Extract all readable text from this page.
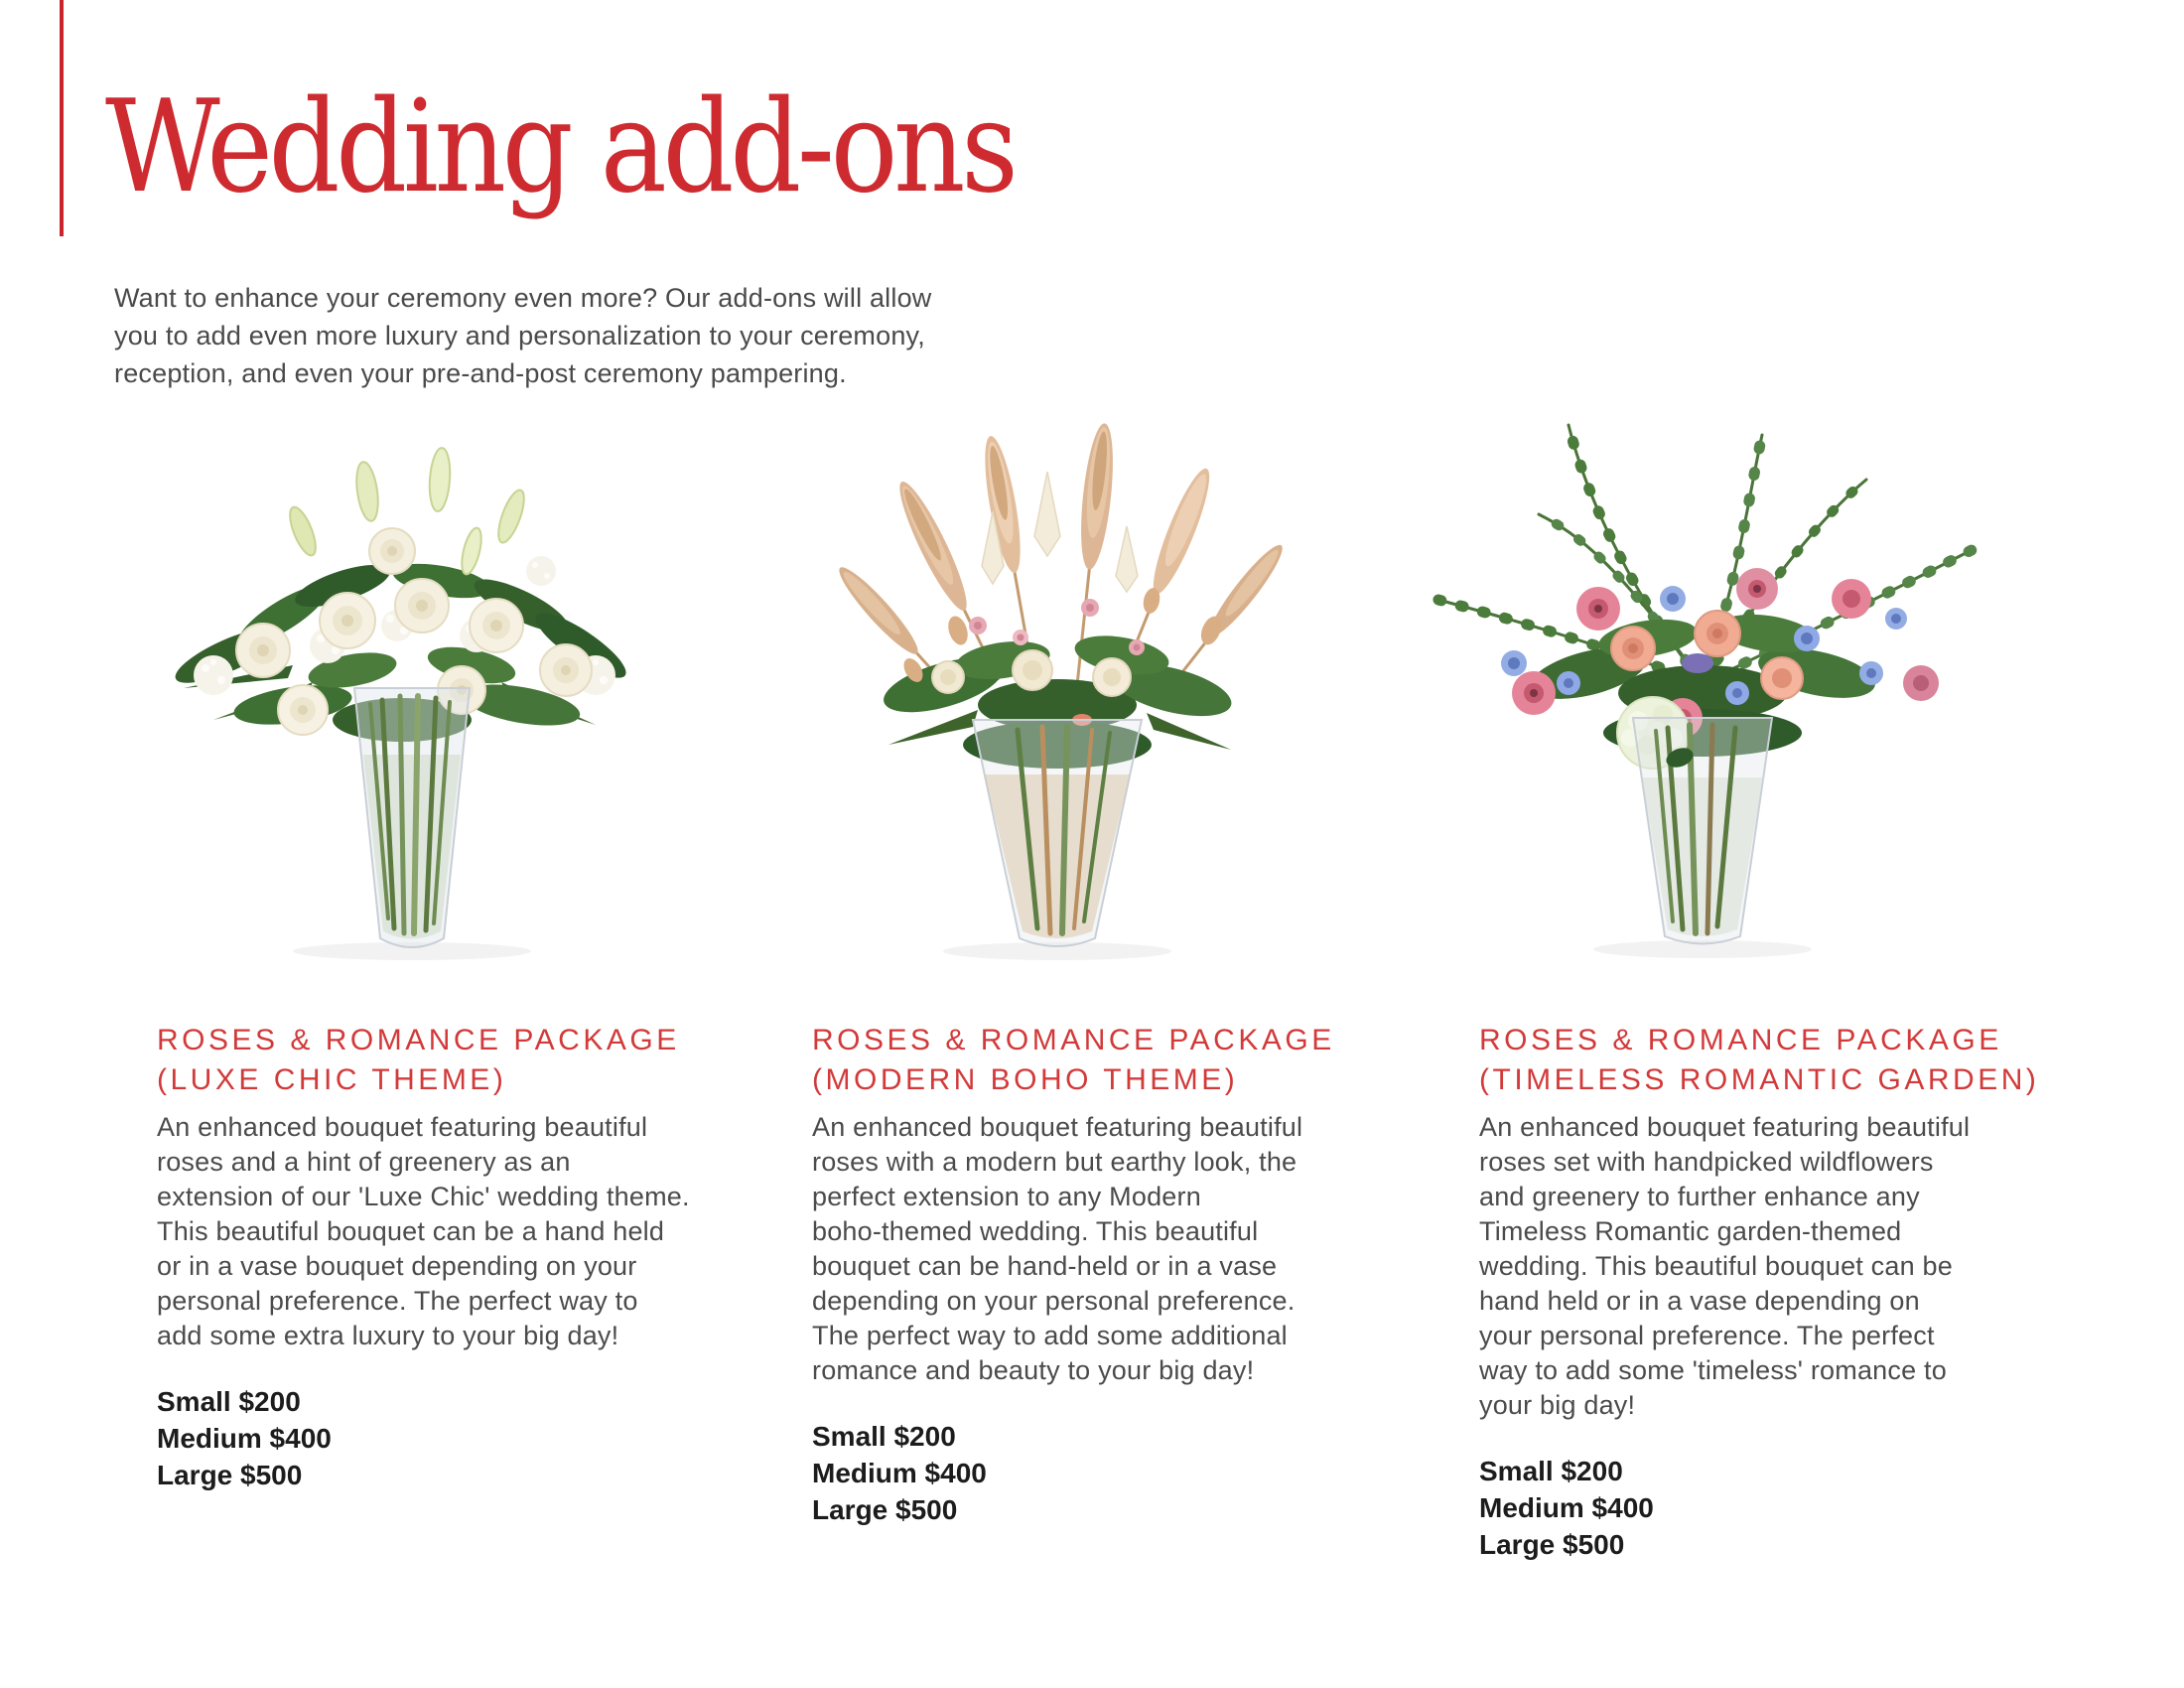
Wedding add-ons
Want to enhance your ceremony even more? Our add-ons will allow
you to add even more luxury and personalization to your ceremony,
reception, and even your pre-and-post ceremony pampering.
ROSES & ROMANCE PACKAGE
(LUXE CHIC THEME)
An enhanced bouquet featuring beautiful
roses and a hint of greenery as an
extension of our 'Luxe Chic' wedding theme.
This beautiful bouquet can be a hand held
or in a vase bouquet depending on your
personal preference. The perfect way to
add some extra luxury to your big day!
Small $200
Medium $400
Large $500
ROSES & ROMANCE PACKAGE
(MODERN BOHO THEME)
An enhanced bouquet featuring beautiful
roses with a modern but earthy look, the
perfect extension to any Modern
boho-themed wedding. This beautiful
bouquet can be hand-held or in a vase
depending on your personal preference.
The perfect way to add some additional
romance and beauty to your big day!
Small $200
Medium $400
Large $500
ROSES & ROMANCE PACKAGE
(TIMELESS ROMANTIC GARDEN)
An enhanced bouquet featuring beautiful
roses set with handpicked wildflowers
and greenery to further enhance any
Timeless Romantic garden-themed
wedding. This beautiful bouquet can be
hand held or in a vase depending on
your personal preference. The perfect
way to add some 'timeless' romance to
your big day!
Small $200
Medium $400
Large $500
